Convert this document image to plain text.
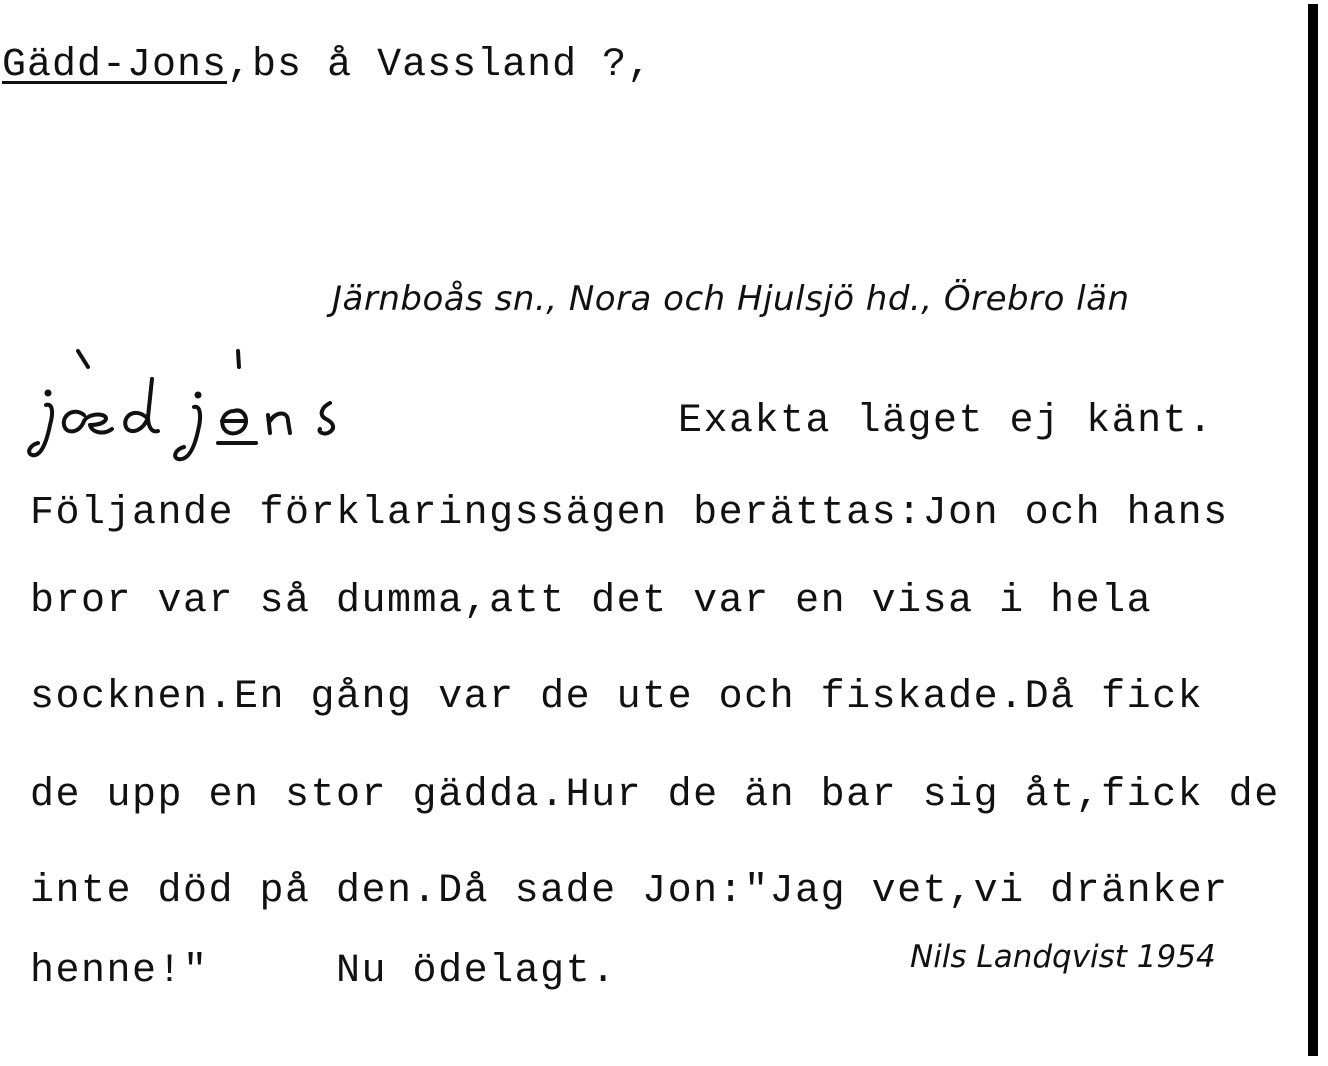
Gädd-Jons,bs å Vassland ?,
Järnboås sn., Nora och Hjulsjö hd., Örebro län
jædjɵns
Exakta läget ej känt.
Följande förklaringssägen berättas:Jon och hans
bror var så dumma,att det var en visa i hela
socknen.En gång var de ute och fiskade.Då fick
de upp en stor gädda.Hur de än bar sig åt,fick de
inte död på den.Då sade Jon:"Jag vet,vi dränker
henne!"     Nu ödelagt.	Nils Landqvist 1954
